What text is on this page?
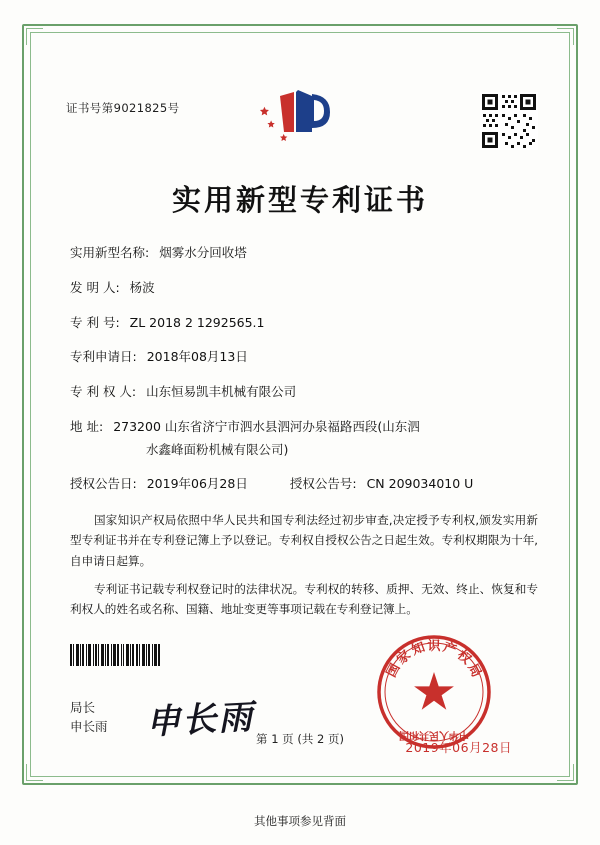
证书号第9021825号
实用新型专利证书
实用新型名称: 烟雾水分回收塔
发 明 人: 杨波
专 利 号: ZL 2018 2 1292565.1
专利申请日: 2018年08月13日
专 利 权 人: 山东恒易凯丰机械有限公司
地 址: 273200 山东省济宁市泗水县泗河办泉福路西段(山东泗
水鑫峰面粉机械有限公司)
授权公告日: 2019年06月28日	授权公告号: CN 209034010 U

国家知识产权局依照中华人民共和国专利法经过初步审查,决定授予专利权,颁发实用新型专利证书并在专利登记簿上予以登记。专利权自授权公告之日起生效。专利权期限为十年,自申请日起算。

专利证书记载专利权登记时的法律状况。专利权的转移、质押、无效、终止、恢复和专利权人的姓名或名称、国籍、地址变更等事项记载在专利登记簿上。

国
家
知 识 产
权
局
中华人民共和国
局长
申长雨 申长雨
2019年06月28日
第 1 页 (共 2 页)
其他事项参见背面
